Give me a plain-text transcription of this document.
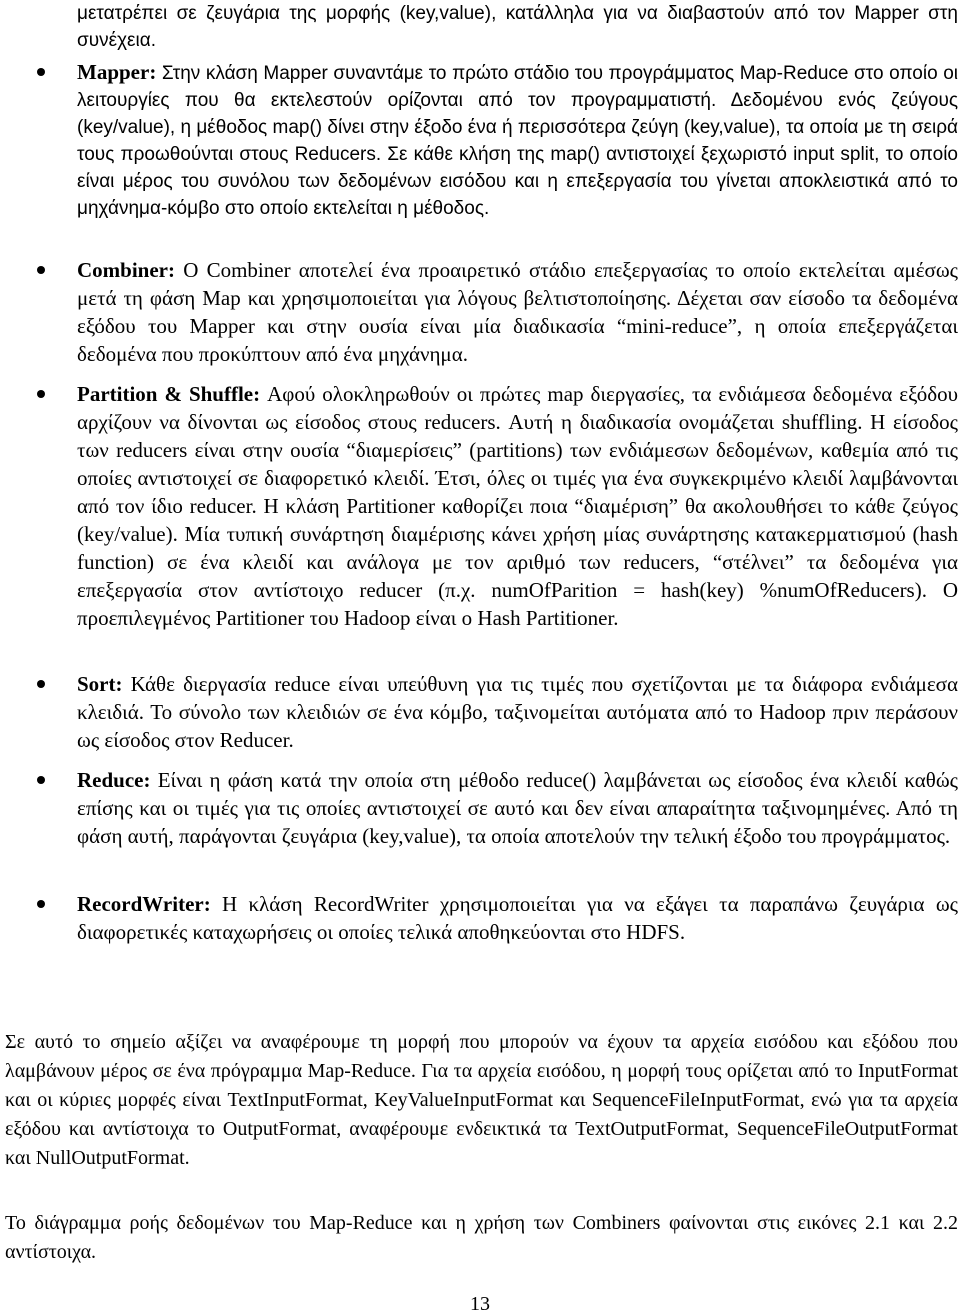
μετατρέπει σε ζευγάρια της μορφής (key,value), κατάλληλα για να διαβαστούν από τον Mapper στη συνέχεια.

Mapper: Στην κλάση Mapper συναντάμε το πρώτο στάδιο του προγράμματος Map-Reduce στο οποίο οι λειτουργίες που θα εκτελεστούν ορίζονται από τον προγραμματιστή. Δεδομένου ενός ζεύγους (key/value), η μέθοδος map() δίνει στην έξοδο ένα ή περισσότερα ζεύγη (key,value), τα οποία με τη σειρά τους προωθούνται στους Reducers. Σε κάθε κλήση της map() αντιστοιχεί ξεχωριστό input split, το οποίο είναι μέρος του συνόλου των δεδομένων εισόδου και η επεξεργασία του γίνεται αποκλειστικά από το μηχάνημα-κόμβο στο οποίο εκτελείται η μέθοδος.

Combiner: Ο Combiner αποτελεί ένα προαιρετικό στάδιο επεξεργασίας το οποίο εκτελείται αμέσως μετά τη φάση Map και χρησιμοποιείται για λόγους βελτιστοποίησης. Δέχεται σαν είσοδο τα δεδομένα εξόδου του Mapper και στην ουσία είναι μία διαδικασία “mini-reduce”, η οποία επεξεργάζεται δεδομένα που προκύπτουν από ένα μηχάνημα.

Partition & Shuffle: Αφού ολοκληρωθούν οι πρώτες map διεργασίες, τα ενδιάμεσα δεδομένα εξόδου αρχίζουν να δίνονται ως είσοδος στους reducers. Αυτή η διαδικασία ονομάζεται shuffling. Η είσοδος των reducers είναι στην ουσία “διαμερίσεις” (partitions) των ενδιάμεσων δεδομένων, καθεμία από τις οποίες αντιστοιχεί σε διαφορετικό κλειδί. Έτσι, όλες οι τιμές για ένα συγκεκριμένο κλειδί λαμβάνονται από τον ίδιο reducer. Η κλάση Partitioner καθορίζει ποια “διαμέριση” θα ακολουθήσει το κάθε ζεύγος (key/value). Μία τυπική συνάρτηση διαμέρισης κάνει χρήση μίας συνάρτησης κατακερματισμού (hash function) σε ένα κλειδί και ανάλογα με τον αριθμό των reducers, “στέλνει” τα δεδομένα για επεξεργασία στον αντίστοιχο reducer (π.χ. numOfParition = hash(key) %numOfReducers). Ο προεπιλεγμένος Partitioner του Hadoop είναι ο Hash Partitioner.

Sort: Κάθε διεργασία reduce είναι υπεύθυνη για τις τιμές που σχετίζονται με τα διάφορα ενδιάμεσα κλειδιά. Το σύνολο των κλειδιών σε ένα κόμβο, ταξινομείται αυτόματα από το Hadoop πριν περάσουν ως είσοδος στον Reducer.

Reduce: Είναι η φάση κατά την οποία στη μέθοδο reduce() λαμβάνεται ως είσοδος ένα κλειδί καθώς επίσης και οι τιμές για τις οποίες αντιστοιχεί σε αυτό και δεν είναι απαραίτητα ταξινομημένες. Από τη φάση αυτή, παράγονται ζευγάρια (key,value), τα οποία αποτελούν την τελική έξοδο του προγράμματος.

RecordWriter: Η κλάση RecordWriter χρησιμοποιείται για να εξάγει τα παραπάνω ζευγάρια ως διαφορετικές καταχωρήσεις οι οποίες τελικά αποθηκεύονται στο HDFS.

Σε αυτό το σημείο αξίζει να αναφέρουμε τη μορφή που μπορούν να έχουν τα αρχεία εισόδου και εξόδου που λαμβάνουν μέρος σε ένα πρόγραμμα Map-Reduce. Για τα αρχεία εισόδου, η μορφή τους ορίζεται από το InputFormat και οι κύριες μορφές είναι TextInputFormat, KeyValueInputFormat και SequenceFileInputFormat, ενώ για τα αρχεία εξόδου και αντίστοιχα το OutputFormat, αναφέρουμε ενδεικτικά τα TextOutputFormat, SequenceFileOutputFormat και NullOutputFormat.

Το διάγραμμα ροής δεδομένων του Map-Reduce και η χρήση των Combiners φαίνονται στις εικόνες 2.1 και 2.2 αντίστοιχα.

13
